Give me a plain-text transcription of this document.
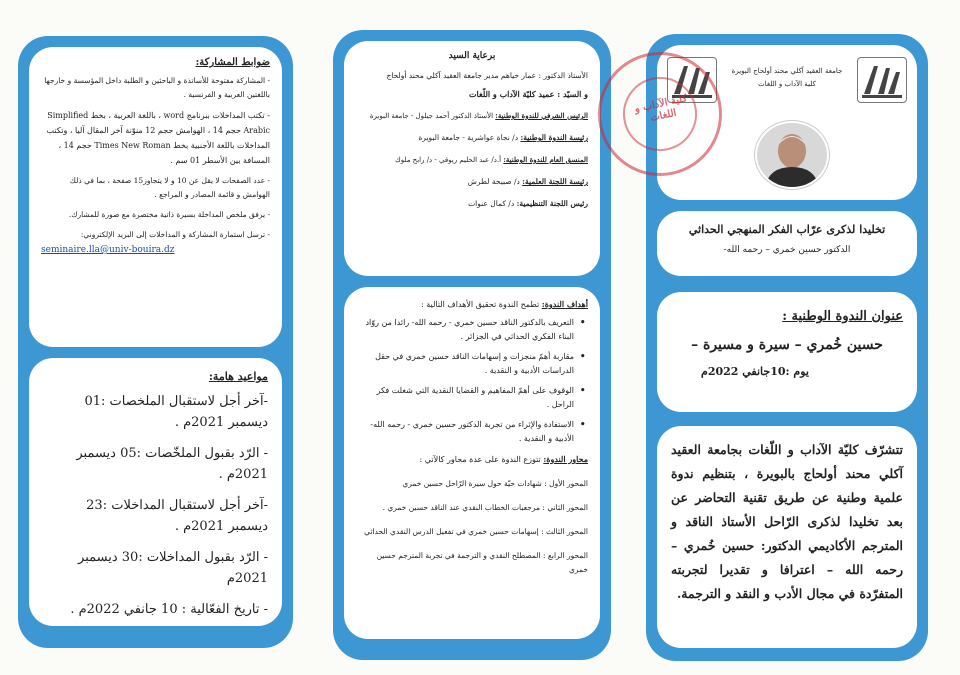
ضوابط المشاركة:
- المشاركة مفتوحة للأساتذة و الباحثين و الطلبة داخل المؤسسة و خارجها باللغتين العربية و الفرنسية .
- تكتب المداخلات ببرنامج word ، باللغة العربية ، بخط Simplified Arabic حجم 14 ، الهوامش حجم 12 منوّنة آخر المقال آليا ، وتكتب المداخلات باللغة الأجنبية بخط Times New Roman حجم 14 ، المسافة بين الأسطر 01 سم .
- عدد الصفحات لا يقل عن 10 و لا يتجاوز15 صفحة ، بما في ذلك الهوامش و قائمة المصادر و المراجع .
- يرفق ملخص المداخلة بسيرة ذاتية مختصرة مع صورة للمشارك.
- ترسل استمارة المشاركة و المداخلات إلى البريد الإلكتروني:
seminaire.lla@univ-bouira.dz
مواعيد هامة:

-آخر أجل لاستقبال الملخصات :01 ديسمبر 2021م .

- الرّد بقبول الملخّصات :05 ديسمبر 2021م .

-آخر أجل لاستقبال المداخلات :23 ديسمبر 2021م .

- الرّد بقبول المداخلات :30 ديسمبر 2021م

- تاريخ الفعّالية : 10 جانفي 2022م .

برعاية السيد
الأستاذ الدكتور : عمار حياهم مدير جامعة العقيد آكلي محند أولحاج
و السيّد : عميد كليّة الآداب و اللّغات
الرئيس الشرفي للندوة الوطنية: الأستاذ الدكتور أحمد جيلول - جامعة البويرة
رئيسة الندوة الوطنية: د/ نجاة عواشرية - جامعة البويرة
المنسق العام للندوة الوطنية: أ.د/ عبد الحليم ريوقي - د/ رابح ملوك
رئيسة اللجنة العلمية: د/ صبيحة لطرش
رئيس اللجنة التنظيمية: د/ كمال عنوات
أهداف الندوة: تطمح الندوة تحقيق الأهداف التالية :
• التعريف بالدكتور الناقد حسين خمري - رحمه الله- رائدا من روّاد البناء الفكري الحداثي في الجزائر .
• مقاربة أهمّ منجزات و إسهامات الناقد حسين خمري في حقل الدراسات الأدبية و النقدية .
• الوقوف على أهمّ المفاهيم و القضايا النقدية التي شغلت فكر الراحل .
• الاستفادة والإثراء من تجربة الدكتور حسين خمري - رحمه الله- الأدبية و النقدية .
محاور الندوة: تتوزع الندوة على عدة محاور كالآتي :
المحور الأول : شهادات حيّة حول سيرة الرّاحل حسين خمري
المحور الثاني : مرجعيات الخطاب النقدي عند الناقد حسين خمري .
المحور الثالث : إسهامات حسين خمري في تفعيل الدرس النقدي الحداثي
المحور الرابع : المصطلح النقدي و الترجمة في تجربة المترجم حسين خمري
جامعة العقيد آكلي محند أولحاج البويرة
كلية الآداب و اللغات
تخليدا لذكرى عرّاب الفكر المنهجي الحداثي
الدكتور حسين خمري – رحمه الله-
عنوان الندوة الوطنية :
حسين خُمري – سيرة و مسيرة –
يوم :10جانفي 2022م
تتشرّف كليّة الآداب و اللّغات بجامعة العقيد آكلي محند أولحاج بالبويرة ، بتنظيم ندوة علمية وطنية عن طريق تقنية التحاضر عن بعد تخليدا لذكرى الرّاحل الأستاذ الناقد و المترجم الأكاديمي الدكتور: حسين خُمري –رحمه الله – اعترافا و تقديرا لتجربته المتفرّدة في مجال الأدب و النقد و الترجمة.
كلية الآداب و اللغات
